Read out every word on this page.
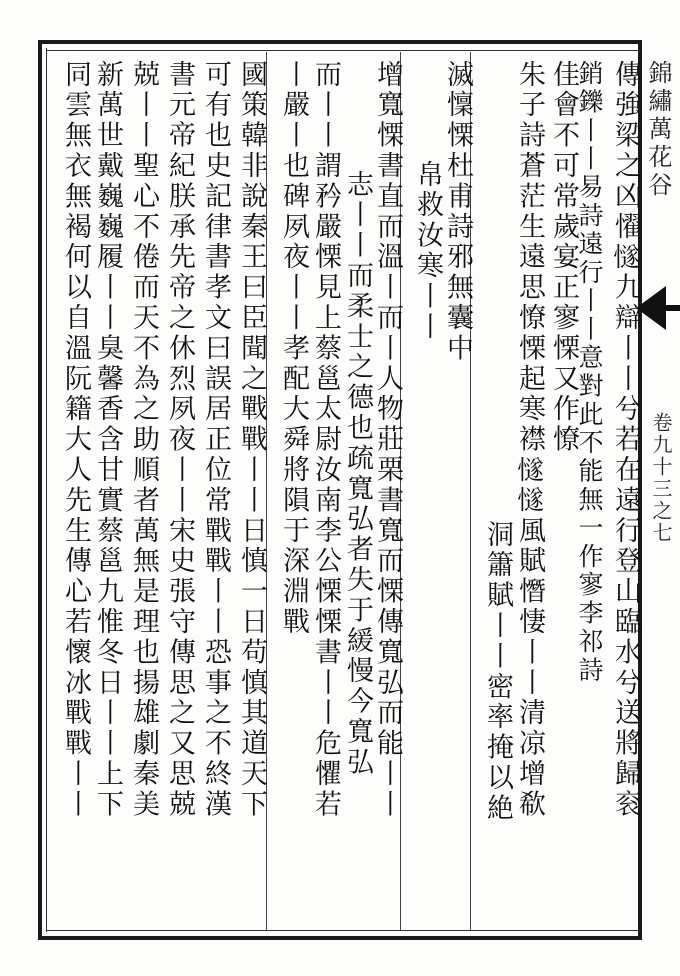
錦繡萬花谷
卷九十三之七
傳強梁之凶𢣷𢢝九辯丨丨兮若在遠行登山臨水兮送將歸衮
銷鑠丨丨易詩遠行丨丨意對此不能無一作寥李祁詩
佳會不可常歲宴正寥慄又作憭
朱子詩蒼茫生遠思憭慄起寒襟𢢝𢢝風賦憯悽丨丨清凉增欷
洞簫賦丨丨密率掩以絶
滅懍慄杜甫詩邪無囊中
帛救汝寒丨丨
增寬慄書直而溫丨而丨人物莊栗書寬而慄傳寬弘而能丨丨
志丨丨而柔士之德也疏寬弘者失于緩慢今寬弘
而丨丨謂矜嚴慄見上蔡邕太尉汝南李公慄慄書丨丨危懼若
丨嚴丨也碑夙夜丨丨孝配大舜將隕于深淵戰
國策韓非說秦王曰臣聞之戰戰丨丨日慎一日苟慎其道天下
可有也史記律書孝文曰誤居正位常戰戰丨丨恐事之不終漢
書元帝紀朕承先帝之休烈夙夜丨丨宋史張守傳思之又思兢
兢丨丨聖心不倦而天不為之助順者萬無是理也揚雄劇秦美
新萬世戴巍巍履丨丨臭馨香含甘實蔡邕九惟冬日丨丨上下
同雲無衣無褐何以自溫阮籍大人先生傳心若懷冰戰戰丨丨
